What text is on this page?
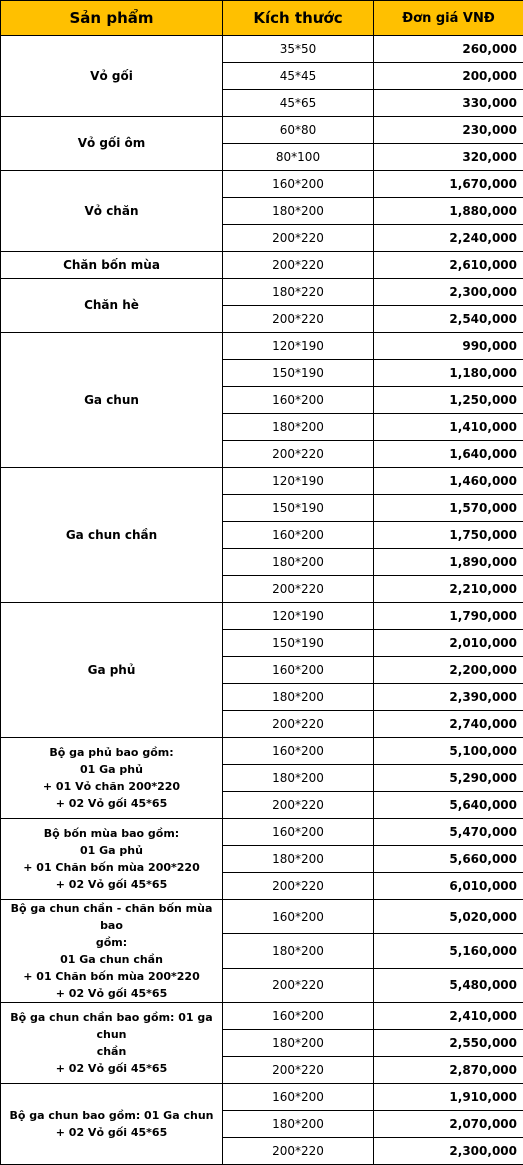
Sản phẩm	Kích thước	Đơn giá VNĐ

Vỏ gối	35*50	260,000
	45*45	200,000
	45*65	330,000

Vỏ gối ôm	60*80	230,000
	80*100	320,000

Vỏ chăn	160*200	1,670,000
	180*200	1,880,000
	200*220	2,240,000

Chăn bốn mùa	200*220	2,610,000

Chăn hè	180*220	2,300,000
	200*220	2,540,000

Ga chun	120*190	990,000
	150*190	1,180,000
	160*200	1,250,000
	180*200	1,410,000
	200*220	1,640,000

Ga chun chần	120*190	1,460,000
	150*190	1,570,000
	160*200	1,750,000
	180*200	1,890,000
	200*220	2,210,000

Ga phủ	120*190	1,790,000
	150*190	2,010,000
	160*200	2,200,000
	180*200	2,390,000
	200*220	2,740,000

Bộ ga phủ bao gồm:
01 Ga phủ
+ 01 Vỏ chăn 200*220
+ 02 Vỏ gối 45*65	160*200	5,100,000
	180*200	5,290,000
	200*220	5,640,000

Bộ bốn mùa bao gồm:
01 Ga phủ
+ 01 Chăn bốn mùa 200*220
+ 02 Vỏ gối 45*65	160*200	5,470,000
	180*200	5,660,000
	200*220	6,010,000

Bộ ga chun chần - chăn bốn mùa bao
gồm:
01 Ga chun chần
+ 01 Chăn bốn mùa 200*220
+ 02 Vỏ gối 45*65	160*200	5,020,000
	180*200	5,160,000
	200*220	5,480,000

Bộ ga chun chần bao gồm: 01 ga chun
chần
+ 02 Vỏ gối 45*65	160*200	2,410,000
	180*200	2,550,000
	200*220	2,870,000

Bộ ga chun bao gồm: 01 Ga chun
+ 02 Vỏ gối 45*65	160*200	1,910,000
	180*200	2,070,000
	200*220	2,300,000
